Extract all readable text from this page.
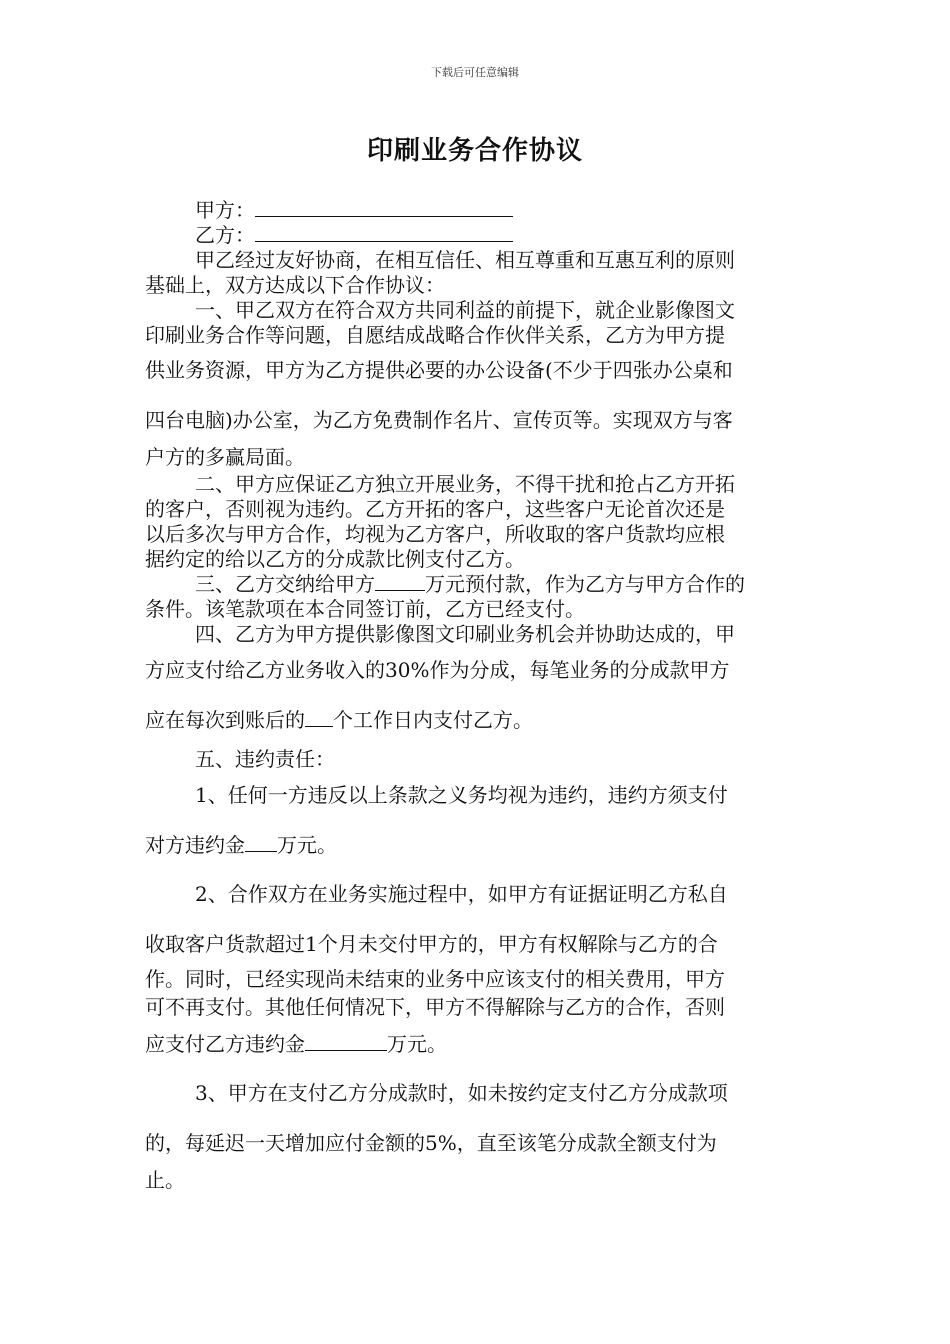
下载后可任意编辑
印刷业务合作协议
甲方：
乙方：
甲乙经过友好协商，在相互信任、相互尊重和互惠互利的原则
基础上，双方达成以下合作协议：
一、甲乙双方在符合双方共同利益的前提下，就企业影像图文
印刷业务合作等问题，自愿结成战略合作伙伴关系，乙方为甲方提
供业务资源，甲方为乙方提供必要的办公设备(不少于四张办公桌和
四台电脑)办公室，为乙方免费制作名片、宣传页等。实现双方与客
户方的多赢局面。
二、甲方应保证乙方独立开展业务，不得干扰和抢占乙方开拓
的客户，否则视为违约。乙方开拓的客户，这些客户无论首次还是
以后多次与甲方合作，均视为乙方客户，所收取的客户货款均应根
据约定的给以乙方的分成款比例支付乙方。
三、乙方交纳给甲方	万元预付款，作为乙方与甲方合作的
条件。该笔款项在本合同签订前，乙方已经支付。
四、乙方为甲方提供影像图文印刷业务机会并协助达成的，甲
方应支付给乙方业务收入的30%作为分成，每笔业务的分成款甲方
应在每次到账后的 个工作日内支付乙方。
五、违约责任：
1、任何一方违反以上条款之义务均视为违约，违约方须支付
对方违约金 万元。
2、合作双方在业务实施过程中，如甲方有证据证明乙方私自
收取客户货款超过1个月未交付甲方的，甲方有权解除与乙方的合
作。同时，已经实现尚未结束的业务中应该支付的相关费用，甲方
可不再支付。其他任何情况下，甲方不得解除与乙方的合作，否则
应支付乙方违约金	万元。
3、甲方在支付乙方分成款时，如未按约定支付乙方分成款项
的，每延迟一天增加应付金额的5%，直至该笔分成款全额支付为
止。
